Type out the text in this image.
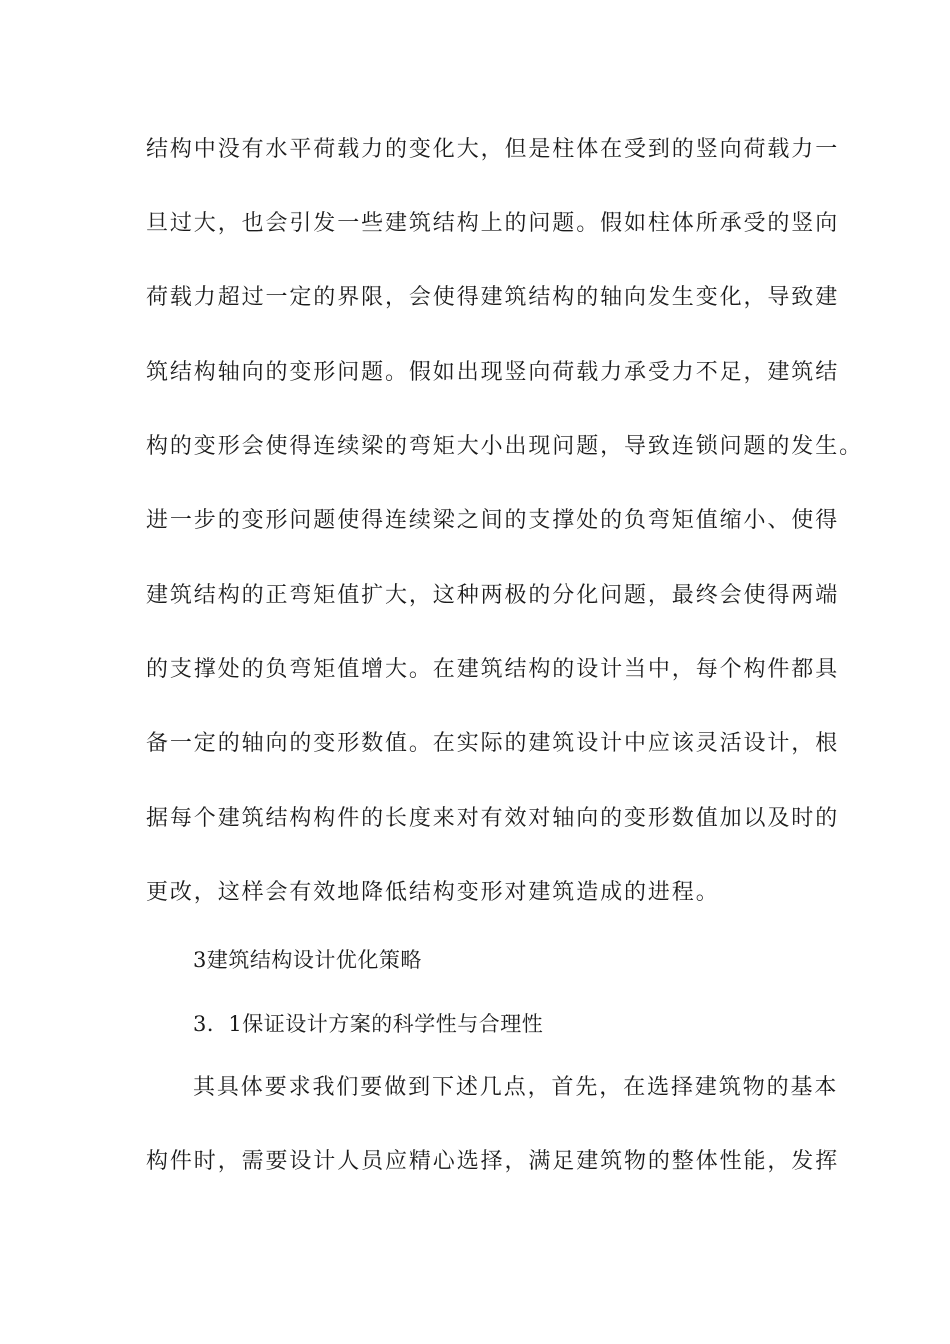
结构中没有水平荷载力的变化大，但是柱体在受到的竖向荷载力一
旦过大，也会引发一些建筑结构上的问题。假如柱体所承受的竖向
荷载力超过一定的界限，会使得建筑结构的轴向发生变化，导致建
筑结构轴向的变形问题。假如出现竖向荷载力承受力不足，建筑结
构的变形会使得连续梁的弯矩大小出现问题，导致连锁问题的发生。
进一步的变形问题使得连续梁之间的支撑处的负弯矩值缩小、使得
建筑结构的正弯矩值扩大，这种两极的分化问题，最终会使得两端
的支撑处的负弯矩值增大。在建筑结构的设计当中，每个构件都具
备一定的轴向的变形数值。在实际的建筑设计中应该灵活设计，根
据每个建筑结构构件的长度来对有效对轴向的变形数值加以及时的
更改，这样会有效地降低结构变形对建筑造成的进程。
3建筑结构设计优化策略
3．1保证设计方案的科学性与合理性
其具体要求我们要做到下述几点，首先，在选择建筑物的基本
构件时，需要设计人员应精心选择，满足建筑物的整体性能，发挥
